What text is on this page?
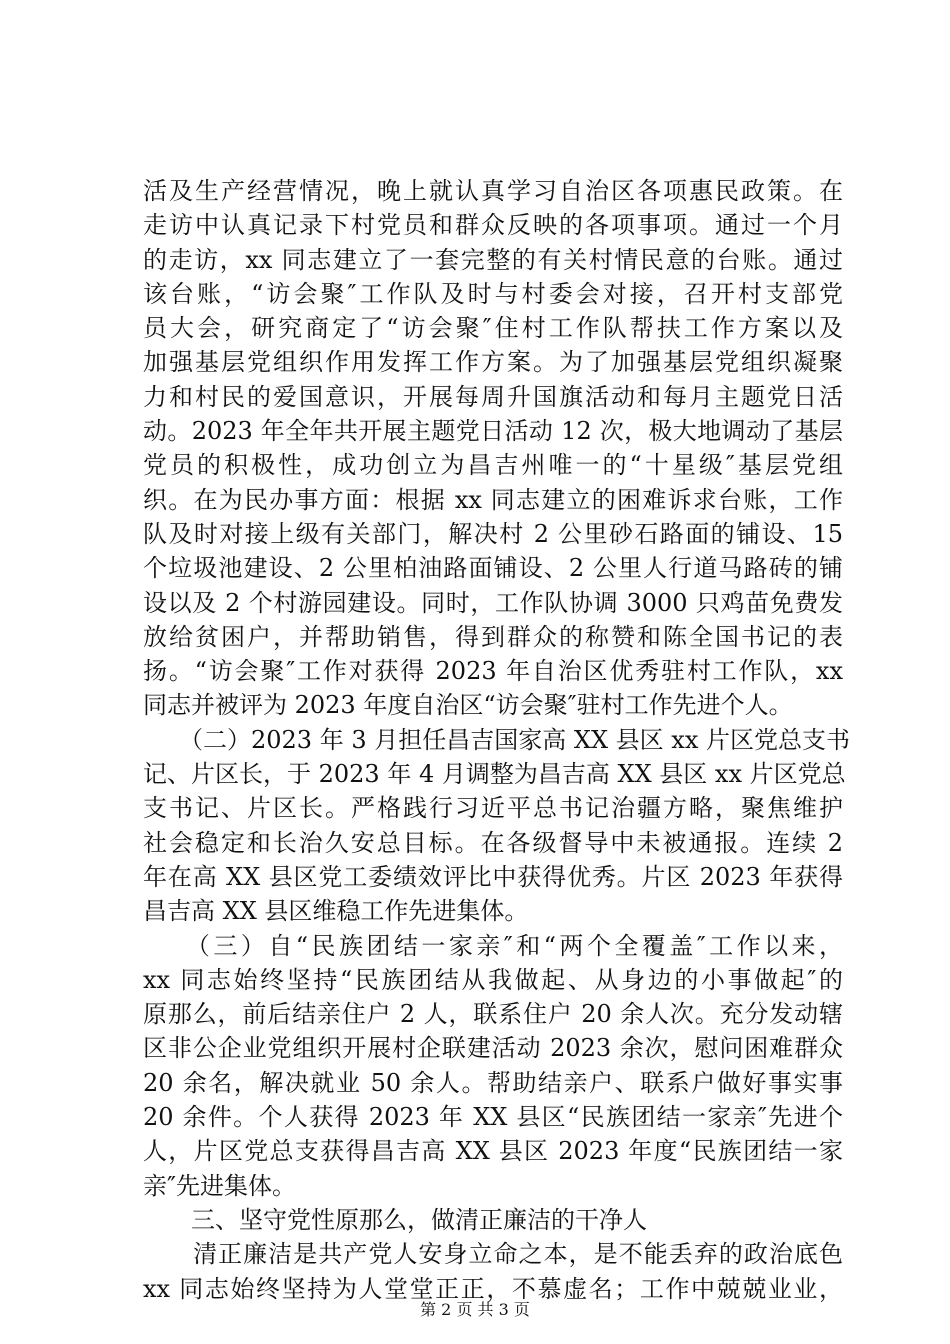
活及生产经营情况，晚上就认真学习自治区各项惠民政策。在
走访中认真记录下村党员和群众反映的各项事项。通过一个月
的走访，xx 同志建立了一套完整的有关村情民意的台账。通过
该台账，“访会聚″工作队及时与村委会对接，召开村支部党
员大会，研究商定了“访会聚″住村工作队帮扶工作方案以及
加强基层党组织作用发挥工作方案。为了加强基层党组织凝聚
力和村民的爱国意识，开展每周升国旗活动和每月主题党日活
动。2023 年全年共开展主题党日活动 12 次，极大地调动了基层
党员的积极性，成功创立为昌吉州唯一的“十星级″基层党组
织。在为民办事方面：根据 xx 同志建立的困难诉求台账，工作
队及时对接上级有关部门，解决村 2 公里砂石路面的铺设、15
个垃圾池建设、2 公里柏油路面铺设、2 公里人行道马路砖的铺
设以及 2 个村游园建设。同时，工作队协调 3000 只鸡苗免费发
放给贫困户，并帮助销售，得到群众的称赞和陈全国书记的表
扬。“访会聚″工作对获得 2023 年自治区优秀驻村工作队，xx
同志并被评为 2023 年度自治区“访会聚″驻村工作先进个人。
　　（二）2023 年 3 月担任昌吉国家高 XX 县区 xx 片区党总支书
记、片区长，于 2023 年 4 月调整为昌吉高 XX 县区 xx 片区党总
支书记、片区长。严格践行习近平总书记治疆方略，聚焦维护
社会稳定和长治久安总目标。在各级督导中未被通报。连续 2
年在高 XX 县区党工委绩效评比中获得优秀。片区 2023 年获得
昌吉高 XX 县区维稳工作先进集体。
　　（三）自“民族团结一家亲″和“两个全覆盖″工作以来，
xx 同志始终坚持“民族团结从我做起、从身边的小事做起″的
原那么，前后结亲住户 2 人，联系住户 20 余人次。充分发动辖
区非公企业党组织开展村企联建活动 2023 余次，慰问困难群众
20 余名，解决就业 50 余人。帮助结亲户、联系户做好事实事
20 余件。个人获得 2023 年 XX 县区“民族团结一家亲″先进个
人，片区党总支获得昌吉高 XX 县区 2023 年度“民族团结一家
亲″先进集体。
　　三、坚守党性原那么，做清正廉洁的干净人
　　清正廉洁是共产党人安身立命之本，是不能丢弃的政治底色
xx 同志始终坚持为人堂堂正正，不慕虚名；工作中兢兢业业，
第 2 页 共 3 页
